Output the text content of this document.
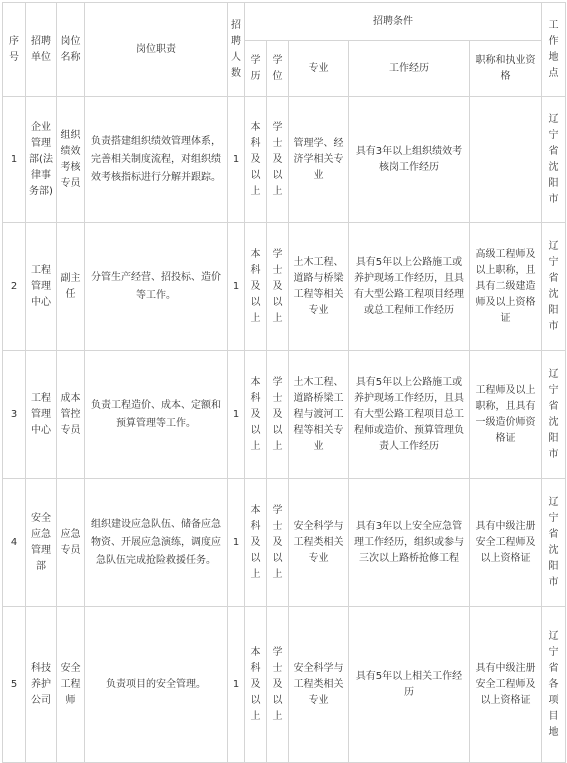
序号	招聘单位	岗位名称	岗位职责	招聘人数	招聘条件					工作地点
					学历	学位	专业	工作经历	职称和执业资格	
1	企业管理部(法律事务部)	组织绩效考核专员	负责搭建组织绩效管理体系，完善相关制度流程，对组织绩效考核指标进行分解并跟踪。	1	本科及以上	学士及以上	管理学、经济学相关专业	具有3年以上组织绩效考核岗工作经历		辽宁省沈阳市
2	工程管理中心	副主任	分管生产经营、招投标、造价等工作。	1	本科及以上	学士及以上	土木工程、道路与桥梁工程等相关专业	具有5年以上公路施工或养护现场工作经历，且具有大型公路工程项目经理或总工程师工作经历	高级工程师及以上职称，且具有二级建造师及以上资格证	辽宁省沈阳市
3	工程管理中心	成本管控专员	负责工程造价、成本、定额和预算管理等工作。	1	本科及以上	学士及以上	土木工程、道路桥梁工程与渡河工程等相关专业	具有5年以上公路施工或养护现场工作经历，且具有大型公路工程项目总工程师或造价、预算管理负责人工作经历	工程师及以上职称，且具有一级造价师资格证	辽宁省沈阳市
4	安全应急管理部	应急专员	组织建设应急队伍、储备应急物资、开展应急演练，调度应急队伍完成抢险救援任务。	1	本科及以上	学士及以上	安全科学与工程类相关专业	具有3年以上安全应急管理工作经历，组织或参与三次以上路桥抢修工程	具有中级注册安全工程师及以上资格证	辽宁省沈阳市
5	科技养护公司	安全工程师	负责项目的安全管理。	1	本科及以上	学士及以上	安全科学与工程类相关专业	具有5年以上相关工作经历	具有中级注册安全工程师及以上资格证	辽宁省各项目地
